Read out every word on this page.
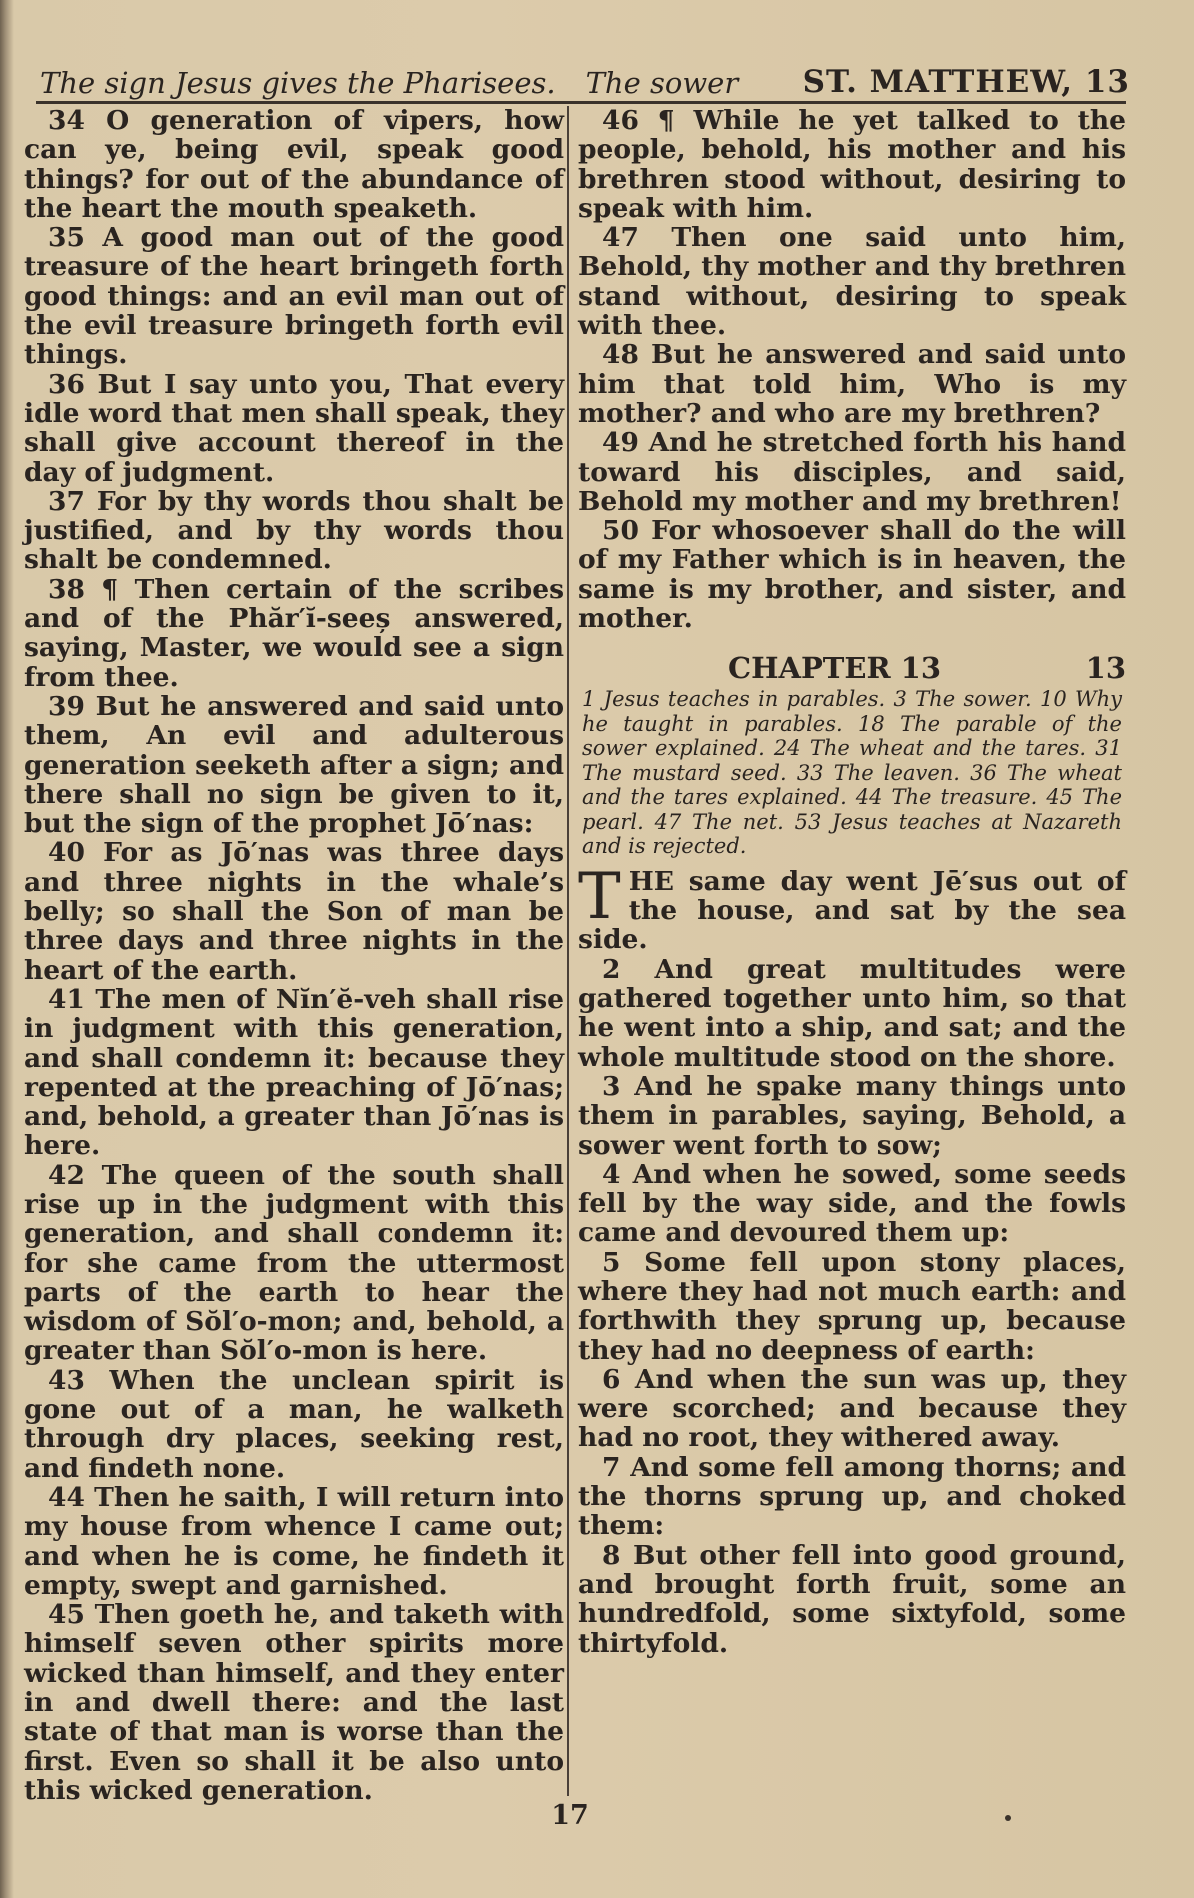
The sign Jesus gives the Pharisees. The sower ST. MATTHEW, 13

34 O generation of vipers, how can ye, being evil, speak good things? for out of the abundance of the heart the mouth speaketh.

35 A good man out of the good treasure of the heart bringeth forth good things: and an evil man out of the evil treasure bringeth forth evil things.

36 But I say unto you, That every idle word that men shall speak, they shall give account thereof in the day of judgment.

37 For by thy words thou shalt be justified, and by thy words thou shalt be condemned.

38 ¶ Then certain of the scribes and of the Phăr′ĭ-seeș answered, saying, Master, we would see a sign from thee.

39 But he answered and said unto them, An evil and adulterous generation seeketh after a sign; and there shall no sign be given to it, but the sign of the prophet Jō′nas:

40 For as Jō′nas was three days and three nights in the whale’s belly; so shall the Son of man be three days and three nights in the heart of the earth.

41 The men of Nĭn′ĕ-veh shall rise in judgment with this generation, and shall condemn it: because they repented at the preaching of Jō′nas; and, behold, a greater than Jō′nas is here.

42 The queen of the south shall rise up in the judgment with this generation, and shall condemn it: for she came from the uttermost parts of the earth to hear the wisdom of Sŏl′o-mon; and, behold, a greater than Sŏl′o-mon is here.

43 When the unclean spirit is gone out of a man, he walketh through dry places, seeking rest, and findeth none.

44 Then he saith, I will return into my house from whence I came out; and when he is come, he findeth it empty, swept and garnished.

45 Then goeth he, and taketh with himself seven other spirits more wicked than himself, and they enter in and dwell there: and the last state of that man is worse than the first. Even so shall it be also unto this wicked generation.

46 ¶ While he yet talked to the people, behold, his mother and his brethren stood without, desiring to speak with him.

47 Then one said unto him, Behold, thy mother and thy brethren stand without, desiring to speak with thee.

48 But he answered and said unto him that told him, Who is my mother? and who are my brethren?

49 And he stretched forth his hand toward his disciples, and said, Behold my mother and my brethren!

50 For whosoever shall do the will of my Father which is in heaven, the same is my brother, and sister, and mother.

CHAPTER 13	13
1 Jesus teaches in parables. 3 The sower. 10 Why he taught in parables. 18 The parable of the sower explained. 24 The wheat and the tares. 31 The mustard seed. 33 The leaven. 36 The wheat and the tares explained. 44 The treasure. 45 The pearl. 47 The net. 53 Jesus teaches at Nazareth and is rejected.
T HE same day went Jē′sus out of the house, and sat by the sea side.

2 And great multitudes were gathered together unto him, so that he went into a ship, and sat; and the whole multitude stood on the shore.

3 And he spake many things unto them in parables, saying, Behold, a sower went forth to sow;

4 And when he sowed, some seeds fell by the way side, and the fowls came and devoured them up:

5 Some fell upon stony places, where they had not much earth: and forthwith they sprung up, because they had no deepness of earth:

6 And when the sun was up, they were scorched; and because they had no root, they withered away.

7 And some fell among thorns; and the thorns sprung up, and choked them:

8 But other fell into good ground, and brought forth fruit, some an hundredfold, some sixtyfold, some thirtyfold.

17
